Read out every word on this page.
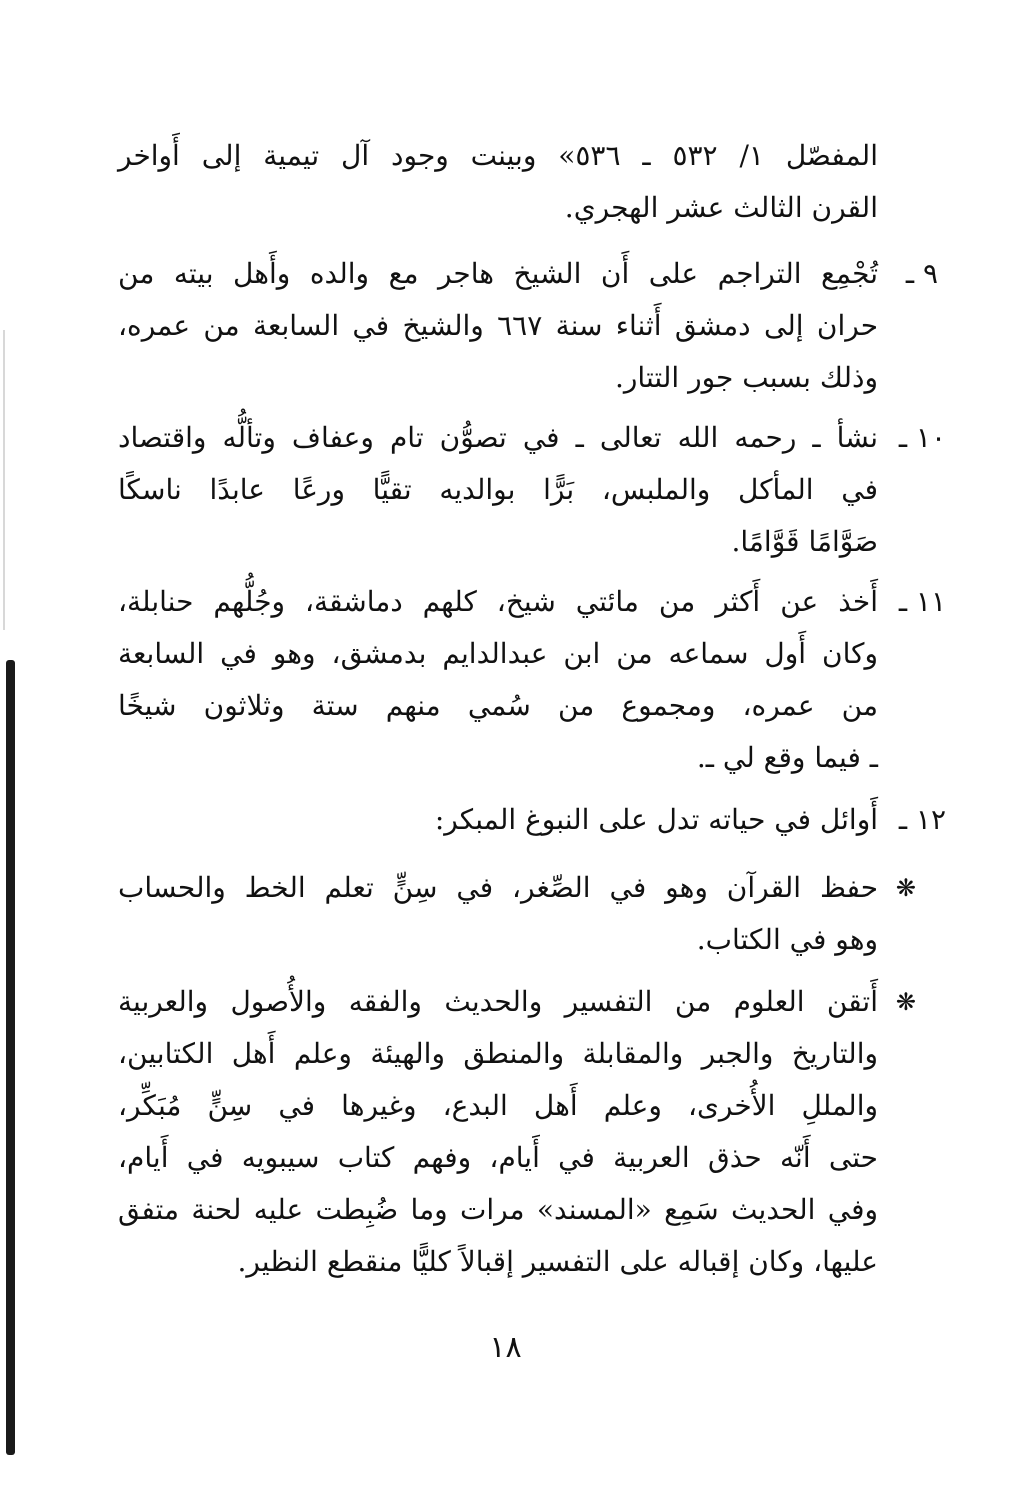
المفصّل ١/ ٥٣٢ ـ ٥٣٦» وبينت وجود آل تيمية إلى أَواخر
القرن الثالث عشر الهجري.
٩ ـ
تُجْمِع التراجم على أَن الشيخ هاجر مع والده وأَهل بيته من
حران إلى دمشق أَثناء سنة ٦٦٧ والشيخ في السابعة من عمره،
وذلك بسبب جور التتار.
١٠ ـ
نشأ ـ رحمه الله تعالى ـ في تصوُّن تام وعفاف وتألُّه واقتصاد
في المأكل والملبس، بَرًّا بوالديه تقيًّا ورعًا عابدًا ناسكًا
صَوَّامًا قَوَّامًا.
١١ ـ
أَخذ عن أَكثر من مائتي شيخ، كلهم دماشقة، وجُلُّهم حنابلة،
وكان أَول سماعه من ابن عبدالدايم بدمشق، وهو في السابعة
من عمره، ومجموع من سُمي منهم ستة وثلاثون شيخًا
ـ فيما وقع لي ـ.
١٢ ـ
أَوائل في حياته تدل على النبوغ المبكر:
❋
حفظ القرآن وهو في الصِّغر، في سِنٍّ تعلم الخط والحساب
وهو في الكتاب.
❋
أَتقن العلوم من التفسير والحديث والفقه والأُصول والعربية
والتاريخ والجبر والمقابلة والمنطق والهيئة وعلم أَهل الكتابين،
والمللِ الأُخرى، وعلم أَهل البدع، وغيرها في سِنٍّ مُبَكِّر،
حتى أَنّه حذق العربية في أَيام، وفهم كتاب سيبويه في أَيام،
وفي الحديث سَمِع «المسند» مرات وما ضُبِطت عليه لحنة متفق
عليها، وكان إقباله على التفسير إقبالاً كليًّا منقطع النظير.
١٨
